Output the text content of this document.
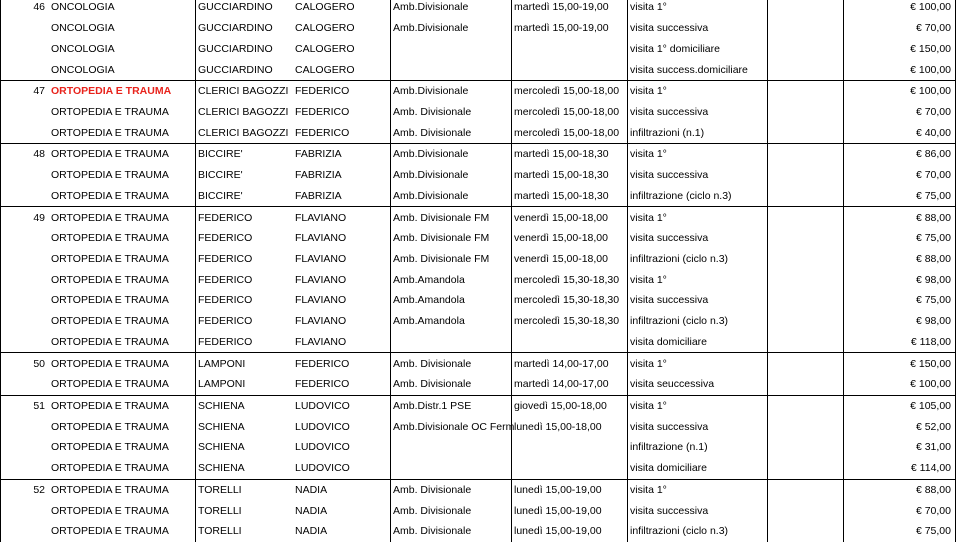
46	ONCOLOGIA	GUCCIARDINO	CALOGERO	Amb.Divisionale	martedì 15,00-19,00	visita 1°		€ 100,00
	ONCOLOGIA	GUCCIARDINO	CALOGERO	Amb.Divisionale	martedì 15,00-19,00	visita successiva		€ 70,00
	ONCOLOGIA	GUCCIARDINO	CALOGERO			visita 1° domiciliare		€ 150,00
	ONCOLOGIA	GUCCIARDINO	CALOGERO			visita success.domiciliare		€ 100,00
47	ORTOPEDIA E TRAUMA	CLERICI BAGOZZI	FEDERICO	Amb.Divisionale	mercoledì 15,00-18,00	visita 1°		€ 100,00
	ORTOPEDIA E TRAUMA	CLERICI BAGOZZI	FEDERICO	Amb. Divisionale	mercoledì 15,00-18,00	visita successiva		€ 70,00
	ORTOPEDIA E TRAUMA	CLERICI BAGOZZI	FEDERICO	Amb. Divisionale	mercoledì 15,00-18,00	infiltrazioni (n.1)		€ 40,00
48	ORTOPEDIA E TRAUMA	BICCIRE'	FABRIZIA	Amb.Divisionale	martedì 15,00-18,30	visita 1°		€ 86,00
	ORTOPEDIA E TRAUMA	BICCIRE'	FABRIZIA	Amb.Divisionale	martedì 15,00-18,30	visita successiva		€ 70,00
	ORTOPEDIA E TRAUMA	BICCIRE'	FABRIZIA	Amb.Divisionale	martedì 15,00-18,30	infiltrazione (ciclo n.3)		€ 75,00
49	ORTOPEDIA E TRAUMA	FEDERICO	FLAVIANO	Amb. Divisionale FM	venerdì 15,00-18,00	visita 1°		€ 88,00
	ORTOPEDIA E TRAUMA	FEDERICO	FLAVIANO	Amb. Divisionale FM	venerdì 15,00-18,00	visita successiva		€ 75,00
	ORTOPEDIA E TRAUMA	FEDERICO	FLAVIANO	Amb. Divisionale FM	venerdì 15,00-18,00	infiltrazioni (ciclo n.3)		€ 88,00
	ORTOPEDIA E TRAUMA	FEDERICO	FLAVIANO	Amb.Amandola	mercoledì 15,30-18,30	visita 1°		€ 98,00
	ORTOPEDIA E TRAUMA	FEDERICO	FLAVIANO	Amb.Amandola	mercoledì 15,30-18,30	visita successiva		€ 75,00
	ORTOPEDIA E TRAUMA	FEDERICO	FLAVIANO	Amb.Amandola	mercoledì 15,30-18,30	infiltrazioni (ciclo n.3)		€ 98,00
	ORTOPEDIA E TRAUMA	FEDERICO	FLAVIANO			visita domiciliare		€ 118,00
50	ORTOPEDIA E TRAUMA	LAMPONI	FEDERICO	Amb. Divisionale	martedì 14,00-17,00	visita 1°		€ 150,00
	ORTOPEDIA E TRAUMA	LAMPONI	FEDERICO	Amb. Divisionale	martedì 14,00-17,00	visita seuccessiva		€ 100,00
51	ORTOPEDIA E TRAUMA	SCHIENA	LUDOVICO	Amb.Distr.1 PSE	giovedì 15,00-18,00	visita 1°		€ 105,00
	ORTOPEDIA E TRAUMA	SCHIENA	LUDOVICO	Amb.Divisionale OC Ferm	lunedì 15,00-18,00	visita successiva		€ 52,00
	ORTOPEDIA E TRAUMA	SCHIENA	LUDOVICO			infiltrazione (n.1)		€ 31,00
	ORTOPEDIA E TRAUMA	SCHIENA	LUDOVICO			visita domiciliare		€ 114,00
52	ORTOPEDIA E TRAUMA	TORELLI	NADIA	Amb. Divisionale	lunedì 15,00-19,00	visita 1°		€ 88,00
	ORTOPEDIA E TRAUMA	TORELLI	NADIA	Amb. Divisionale	lunedì 15,00-19,00	visita successiva		€ 70,00
	ORTOPEDIA E TRAUMA	TORELLI	NADIA	Amb. Divisionale	lunedì 15,00-19,00	infiltrazioni (ciclo n.3)		€ 75,00
